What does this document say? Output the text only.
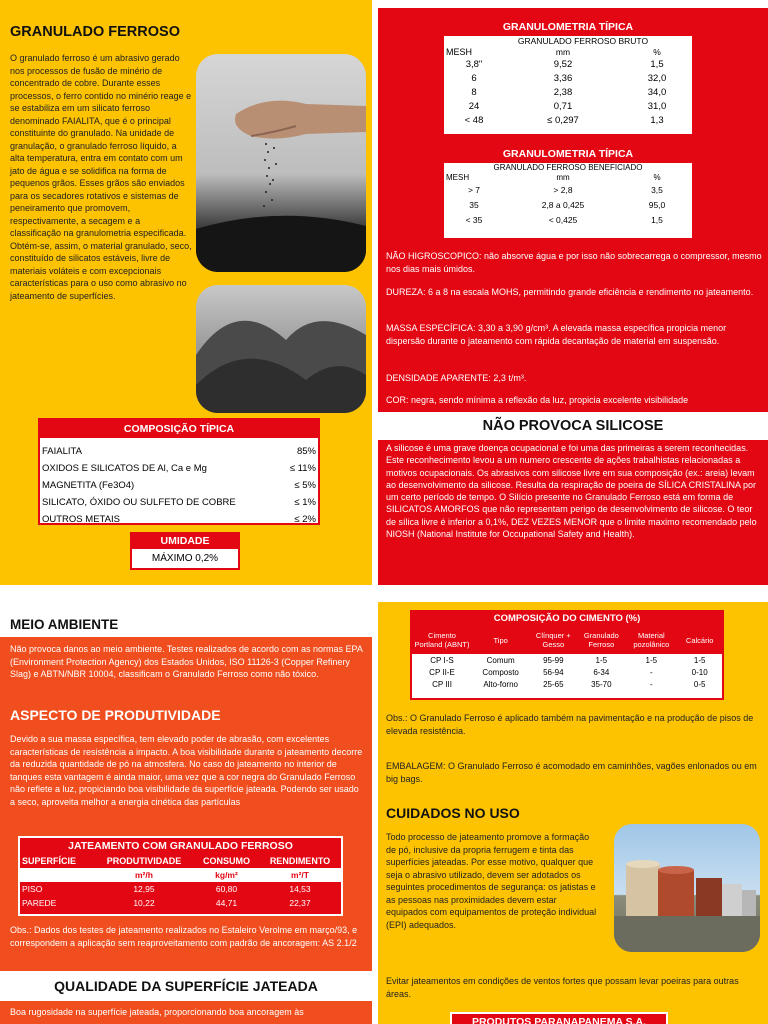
GRANULADO FERROSO
O granulado ferroso é um abrasivo gerado nos processos de fusão de minério de concentrado de cobre. Durante esses processos, o ferro contido no minério reage e se estabiliza em um silicato ferroso denominado FAIALITA, que é o principal constituinte do granulado. Na unidade de granulação, o granulado ferroso líquido, a alta temperatura, entra em contato com um jato de água e se solidifica na forma de pequenos grãos. Esses grãos são enviados para os secadores rotativos e sistemas de peneiramento que promovem, respectivamente, a secagem e a classificação na granulometria especificada. Obtém-se, assim, o material granulado, seco, constituído de silicatos estáveis, livre de materiais voláteis e com excepcionais características para o uso como abrasivo no jateamento de superfícies.
COMPOSIÇÃO TÍPICA
FAIALITA	85%
OXIDOS E SILICATOS DE Al, Ca e Mg	≤ 11%
MAGNETITA (Fe3O4)	≤ 5%
SILICATO, ÓXIDO OU SULFETO DE COBRE	≤ 1%
OUTROS METAIS	≤ 2%
UMIDADE
MÁXIMO 0,2%
GRANULOMETRIA TÍPICA
GRANULADO FERROSO BRUTO
MESH	mm	%
3,8"	9,52	1,5
6	3,36	32,0
8	2,38	34,0
24	0,71	31,0
< 48	≤ 0,297	1,3
GRANULOMETRIA TÍPICA
GRANULADO FERROSO BENEFICIADO
MESH	mm	%
> 7	> 2,8	3,5
35	2,8 a 0,425	95,0
< 35	< 0,425	1,5
NÃO HIGROSCOPICO: não absorve água e por isso não sobrecarrega o compressor, mesmo nos dias mais úmidos.
DUREZA: 6 a 8 na escala MOHS, permitindo grande eficiência e rendimento no jateamento.
MASSA ESPECÍFICA: 3,30 a 3,90 g/cm³. A elevada massa específica propicia menor dispersão durante o jateamento com rápida decantação de material em suspensão.
DENSIDADE APARENTE: 2,3 t/m³.
COR: negra, sendo mínima a reflexão da luz, propicia excelente visibilidade
NÃO PROVOCA SILICOSE
A silicose é uma grave doença ocupacional e foi uma das primeiras a serem reconhecidas. Este reconhecimento levou a um numero crescente de ações trabalhistas relacionadas a motivos ocupacionais. Os abrasivos com silicose livre em sua composição (ex.: areia) levam ao desenvolvimento da silicose. Resulta da respiração de poeira de SÍLICA CRISTALINA por um certo período de tempo. O Silício presente no Granulado Ferroso está em forma de SILICATOS AMORFOS que não representam perigo de desenvolvimento de silicose. O teor de sílica livre é inferior a 0,1%, DEZ VEZES MENOR que o limite maximo recomendado pelo NIOSH (National Institute for Occupational Safety and Health).
MEIO AMBIENTE
Não provoca danos ao meio ambiente. Testes realizados de acordo com as normas EPA (Environment Protection Agency) dos Estados Unidos, ISO 11126-3 (Copper Refinery Slag) e ABTN/NBR 10004, classificam o Granulado Ferroso como não tóxico.
ASPECTO DE PRODUTIVIDADE
Devido a sua massa específica, tem elevado poder de abrasão, com excelentes características de resistência a impacto. A boa visibilidade durante o jateamento decorre da reduzida quantidade de pó na atmosfera. No caso do jateamento no interior de tanques esta vantagem é ainda maior, uma vez que a cor negra do Granulado Ferroso não reflete a luz, propiciando boa visibilidade da superfície jateada. Podendo ser usado a seco, aproveita melhor a energia cinética das partículas
JATEAMENTO COM GRANULADO FERROSO
SUPERFÍCIE	PRODUTIVIDADE	CONSUMO	RENDIMENTO
	m²/h	kg/m²	m²/T
PISO	12,95	60,80	14,53
PAREDE	10,22	44,71	22,37
Obs.: Dados dos testes de jateamento realizados no Estaleiro Verolme em março/93, e correspondem a aplicação sem reaproveitamento com padrão de ancoragem: AS 2.1/2
QUALIDADE DA SUPERFÍCIE JATEADA
Boa rugosidade na superfície jateada, proporcionando boa ancoragem às
COMPOSIÇÃO DO CIMENTO (%)
Cimento Portland (ABNT)	Tipo	Clínquer + Gesso	Granulado Ferroso	Material pozolânico	Calcário
CP I-S	Comum	95-99	1-5	1-5	1-5
CP II-E	Composto	56-94	6-34	-	0-10
CP III	Alto-forno	25-65	35-70	-	0-5
Obs.: O Granulado Ferroso é aplicado também na pavimentação e na produção de pisos de elevada resistência.
EMBALAGEM: O Granulado Ferroso é acomodado em caminhões, vagões enlonados ou em big bags.
CUIDADOS NO USO
Todo processo de jateamento promove a formação de pó, inclusive da propria ferrugem e tinta das superfícies jateadas. Por esse motivo, qualquer que seja o abrasivo utilizado, devem ser adotados os seguintes procedimentos de segurança: os jatistas e as pessoas nas proximidades devem estar equipados com equipamentos de proteção individual (EPI) adequados.
Evitar jateamentos em condições de ventos fortes que possam levar poeiras para outras áreas.
PRODUTOS PARANAPANEMA S.A.
